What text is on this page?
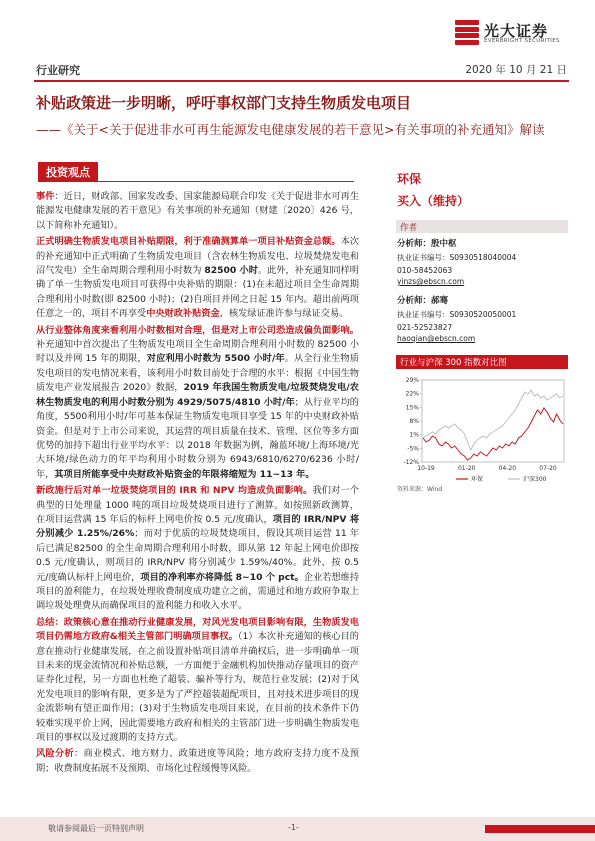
光大证券
EVERBRIGHT SECURITIES
行业研究	2020 年 10 月 21 日
补贴政策进一步明晰，呼吁事权部门支持生物质发电项目
——《关于<关于促进非水可再生能源发电健康发展的若干意见>有关事项的补充通知》解读
投资观点

事件：近日，财政部、国家发改委、国家能源局联合印发《关于促进非水可再生能源发电健康发展的若干意见》有关事项的补充通知（财建〔2020〕426 号，以下简称补充通知）。

正式明确生物质发电项目补贴期限，利于准确测算单一项目补贴资金总额。本次的补充通知中正式明确了生物质发电项目（含农林生物质发电、垃圾焚烧发电和沼气发电）全生命周期合理利用小时数为 82500 小时。此外，补充通知同样明确了单一生物质发电项目可获得中央补贴的期限：(1)在未超过项目全生命周期合理利用小时数(即 82500 小时)；(2)自项目并网之日起 15 年内。超出前两项任意之一的，项目不再享受中央财政补贴资金，核发绿证准许参与绿证交易。

从行业整体角度来看利用小时数相对合理，但是对上市公司恐造成偏负面影响。补充通知中首次提出了生物质发电项目全生命周期合理利用小时数的 82500 小时以及并网 15 年的期限，对应利用小时数为 5500 小时/年。从全行业生物质发电项目的发电情况来看，该利用小时数目前处于合理的水平：根据《中国生物质发电产业发展报告 2020》数据，2019 年我国生物质发电/垃圾焚烧发电/农林生物质发电的利用小时数分别为 4929/5075/4810 小时/年；从行业平均的角度，5500利用小时/年可基本保证生物质发电项目享受 15 年的中央财政补贴资金。但是对于上市公司来说，其运营的项目质量在技术、管理、区位等多方面优势的加持下超出行业平均水平：以 2018 年数据为例，瀚蓝环境/上海环境/光大环境/绿色动力的年平均利用小时数分别为 6943/6810/6270/6236 小时/年，其项目所能享受中央财政补贴资金的年限将缩短为 11~13 年。

新政施行后对单一垃圾焚烧项目的 IRR 和 NPV 均造成负面影响。我们对一个典型的日处理量 1000 吨的项目垃圾焚烧项目进行了测算。如按照新政测算，在项目运营满 15 年后的标杆上网电价按 0.5 元/度确认，项目的 IRR/NPV 将分别减少 1.25%/26%；而对于优质的垃圾焚烧项目，假设其项目运营 11 年后已满足82500 的全生命周期合理利用小时数，即从第 12 年起上网电价即按 0.5 元/度确认，则项目的 IRR/NPV 将分别减少 1.59%/40%。此外，按 0.5 元/度确认标杆上网电价，项目的净利率亦将降低 8~10 个 pct。企业若想维持项目的盈利能力，在垃圾处理收费制度成功建立之前，需通过和地方政府争取上调垃圾处理费从而确保项目的盈利能力和收入水平。

总结：政策核心意在推动行业健康发展，对风光发电项目影响有限，生物质发电项目仍需地方政府&相关主管部门明确项目事权。（1）本次补充通知的核心目的意在推动行业健康发展，在之前设置补贴项目清单并确权后，进一步明确单一项目未来的现金流情况和补贴总额，一方面便于金融机构加快推动存量项目的资产证券化过程，另一方面也杜绝了超装、骗补等行为，规范行业发展；(2)对于风光发电项目的影响有限，更多是为了严控超装超配项目，且对技术进步项目的现金流影响有望正面作用；(3)对于生物质发电项目来说，在目前的技术条件下仍较难实现平价上网，因此需要地方政府和相关的主管部门进一步明确生物质发电项目的事权以及过渡期的支持方式。

风险分析：商业模式、地方财力、政策进度等风险；地方政府支持力度不及预期；收费制度拓展不及预期、市场化过程缓慢等风险。

环保
买入（维持）
作者
分析师：殷中枢
执业证书编号：S0930518040004
010-58452063
yinzs@ebscn.com
分析师：郝骞
执业证书编号：S0930520050001
021-52523827
haoqian@ebscn.com
行业与沪深 300 指数对比图
29%
22%
15%
8%
1%
-5%
-12%
10-19	01-20	04-20	07-20
环保	沪深300
资料来源：Wind
敬请参阅最后一页特别声明	-1-
